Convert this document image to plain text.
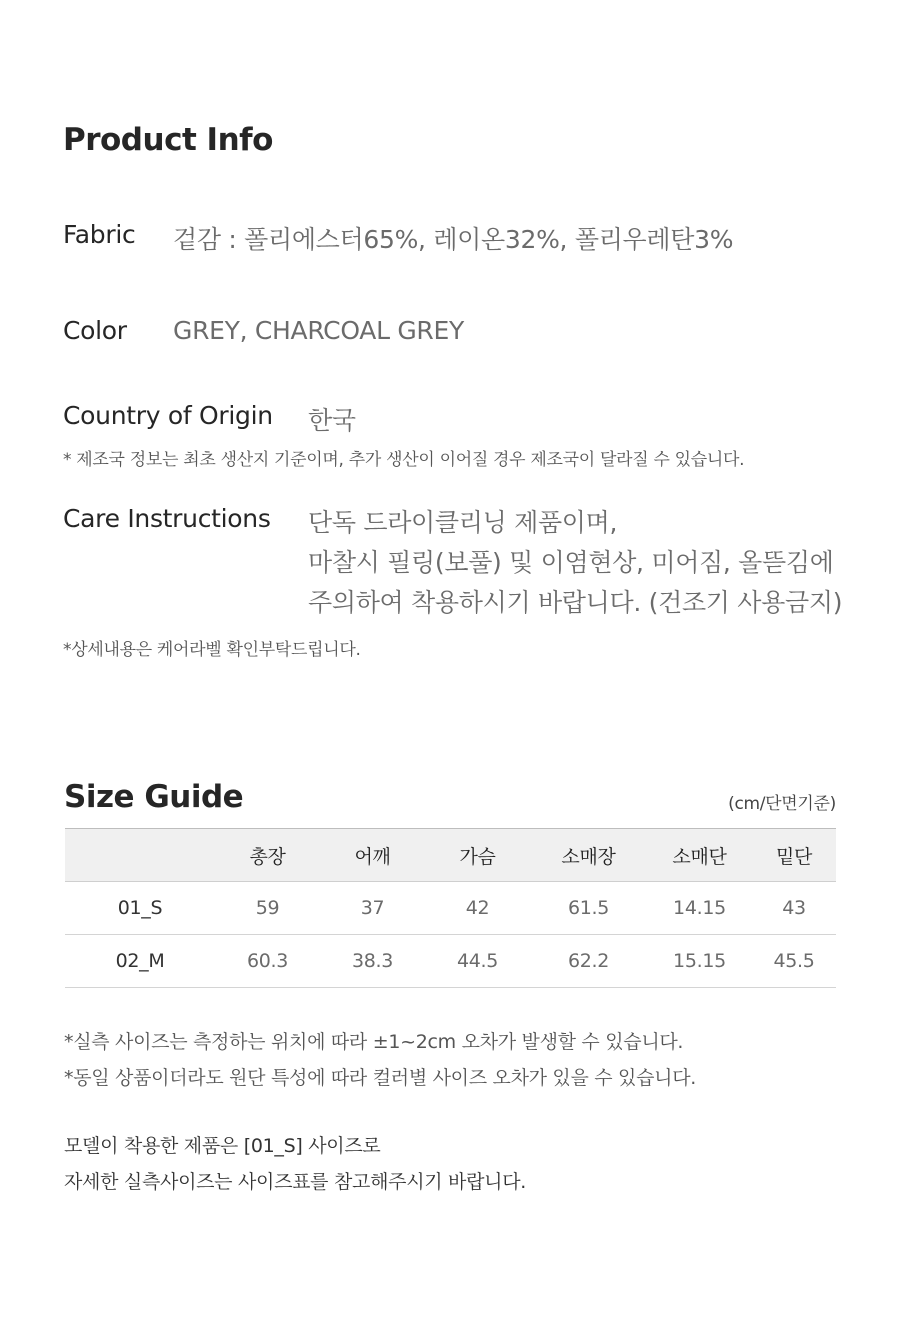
Product Info
Fabric 겉감 : 폴리에스터65%, 레이온32%, 폴리우레탄3%
Color GREY, CHARCOAL GREY
Country of Origin 한국
* 제조국 정보는 최초 생산지 기준이며, 추가 생산이 이어질 경우 제조국이 달라질 수 있습니다.
Care Instructions 단독 드라이클리닝 제품이며,
마찰시 필링(보풀) 및 이염현상, 미어짐, 올뜯김에
주의하여 착용하시기 바랍니다. (건조기 사용금지)
*상세내용은 케어라벨 확인부탁드립니다.
Size Guide	(cm/단면기준)
	총장	어깨	가슴	소매장	소매단	밑단
01_S	59	37	42	61.5	14.15	43
02_M	60.3	38.3	44.5	62.2	15.15	45.5
*실측 사이즈는 측정하는 위치에 따라 ±1~2cm 오차가 발생할 수 있습니다.
*동일 상품이더라도 원단 특성에 따라 컬러별 사이즈 오차가 있을 수 있습니다.
모델이 착용한 제품은 [01_S] 사이즈로
자세한 실측사이즈는 사이즈표를 참고해주시기 바랍니다.
